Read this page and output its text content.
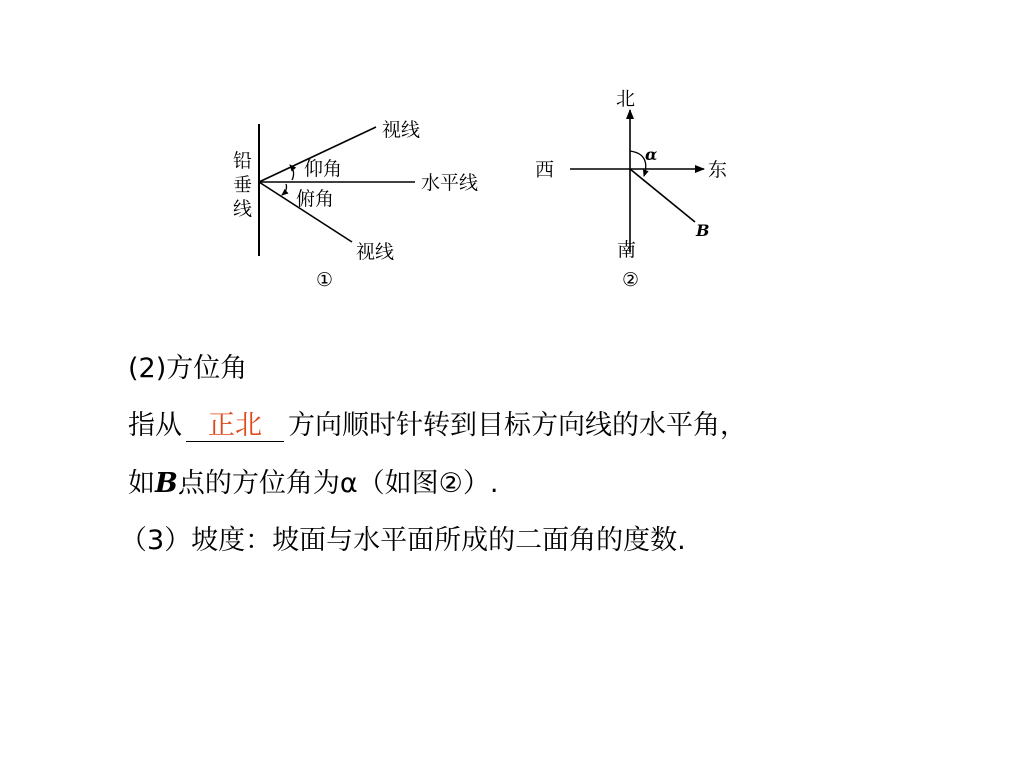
铅
垂
线
视线
仰角
水平线
俯角
视线
①
北
西	东
南
α
B
②
(2)方位角
指从 正北 方向顺时针转到目标方向线的水平角，
如B点的方位角为α（如图②）.
（3）坡度：坡面与水平面所成的二面角的度数.
